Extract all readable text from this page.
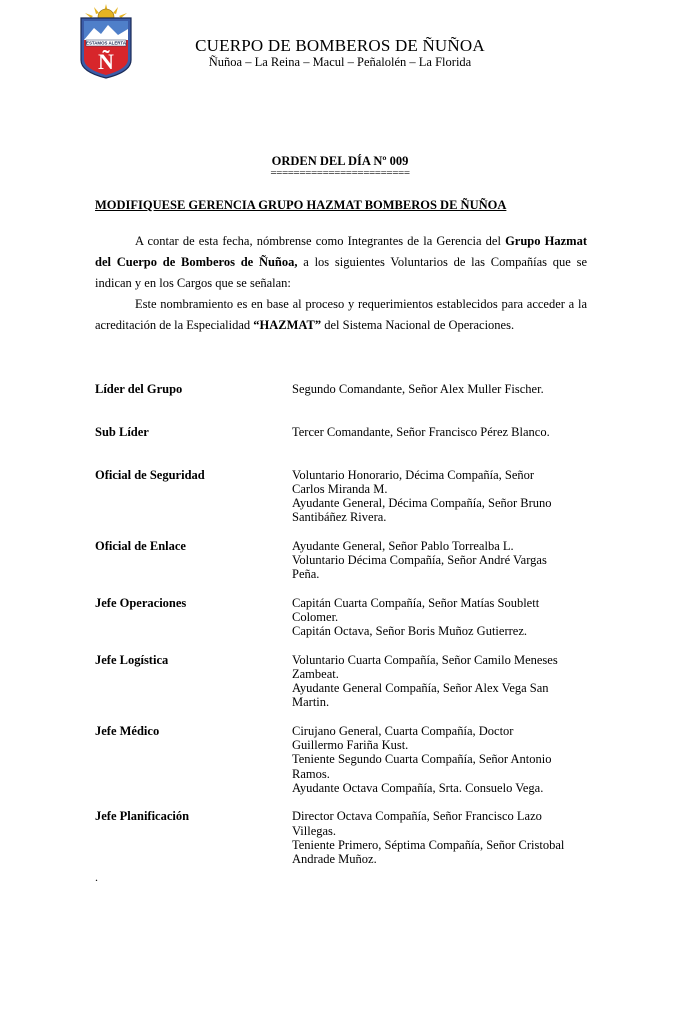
ESTAMOS ALERTA
Ñ
CUERPO DE BOMBEROS DE ÑUÑOA
Ñuñoa – La Reina – Macul – Peñalolén – La Florida
ORDEN DEL DÍA Nº 009
========================
MODIFIQUESE GERENCIA GRUPO HAZMAT BOMBEROS DE ÑUÑOA
A contar de esta fecha, nómbrense como Integrantes de la Gerencia del Grupo Hazmat del Cuerpo de Bomberos de Ñuñoa, a los siguientes Voluntarios de las Compañías que se indican y en los Cargos que se señalan:
Este nombramiento es en base al proceso y requerimientos establecidos para acceder a la acreditación de la Especialidad “HAZMAT” del Sistema Nacional de Operaciones.
Líder del Grupo	Segundo Comandante, Señor Alex Muller Fischer.
Sub Líder	Tercer Comandante, Señor Francisco Pérez Blanco.
Oficial de Seguridad	Voluntario Honorario, Décima Compañía, Señor
Carlos Miranda M.
Ayudante General, Décima Compañía, Señor Bruno
Santibáñez Rivera.
Oficial de Enlace	Ayudante General, Señor Pablo Torrealba L.
Voluntario Décima Compañía, Señor André Vargas
Peña.
Jefe Operaciones	Capitán Cuarta Compañía, Señor Matías Soublett
Colomer.
Capitán Octava, Señor Boris Muñoz Gutierrez.
Jefe Logística	Voluntario Cuarta Compañía, Señor Camilo Meneses
Zambeat.
Ayudante General Compañía, Señor Alex Vega San
Martin.
Jefe Médico	Cirujano General, Cuarta Compañía, Doctor
Guillermo Fariña Kust.
Teniente Segundo Cuarta Compañía, Señor Antonio
Ramos.
Ayudante Octava Compañía, Srta. Consuelo Vega.
Jefe Planificación	Director Octava Compañía, Señor Francisco Lazo
Villegas.
Teniente Primero, Séptima Compañía, Señor Cristobal
Andrade Muñoz.
.
